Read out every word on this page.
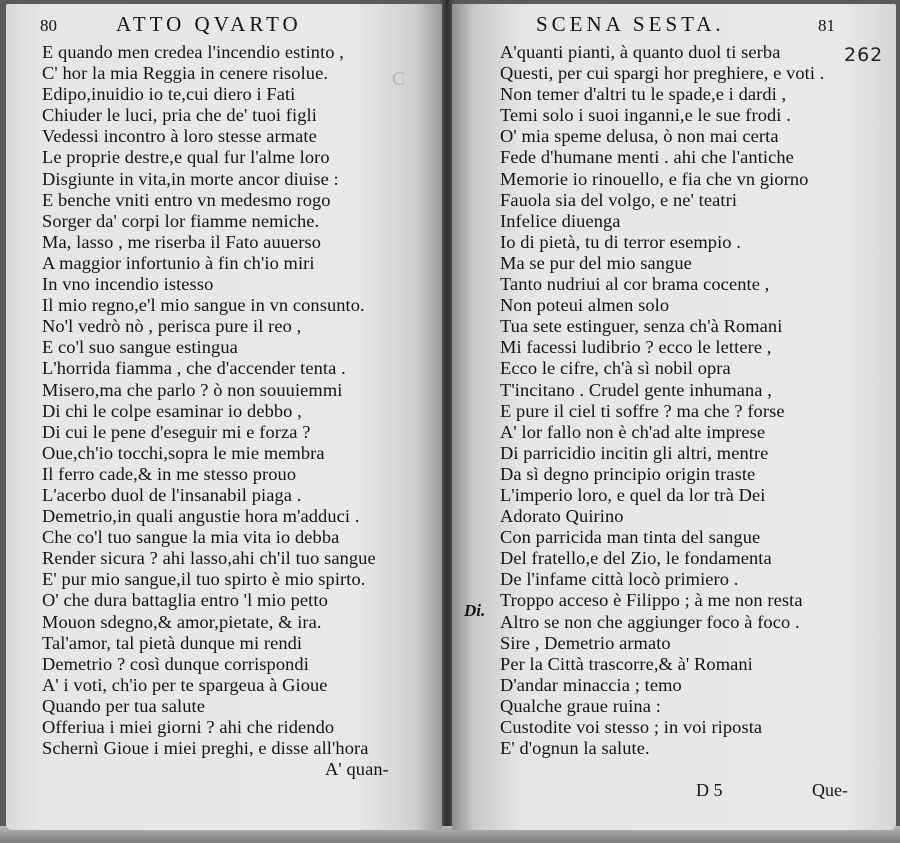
C
80	ATTO QVARTO
E quando men credea l'incendio estinto ,
C' hor la mia Reggia in cenere risolue.
Edipo,inuidio io te,cui diero i Fati
Chiuder le luci, pria che de' tuoi figli
Vedessi incontro à loro stesse armate
Le proprie destre,e qual fur l'alme loro
Disgiunte in vita,in morte ancor diuise :
E benche vniti entro vn medesmo rogo
Sorger da' corpi lor fiamme nemiche.
Ma, lasso , me riserba il Fato auuerso
A maggior infortunio à fin ch'io miri
In vno incendio istesso
Il mio regno,e'l mio sangue in vn consunto.
No'l vedrò nò , perisca pure il reo ,
E co'l suo sangue estingua
L'horrida fiamma , che d'accender tenta .
Misero,ma che parlo ? ò non souuiemmi
Di chi le colpe esaminar io debbo ,
Di cui le pene d'eseguir mi e forza ?
Oue,ch'io tocchi,sopra le mie membra
Il ferro cade,& in me stesso prouo
L'acerbo duol de l'insanabil piaga .
Demetrio,in quali angustie hora m'adduci .
Che co'l tuo sangue la mia vita io debba
Render sicura ? ahi lasso,ahi ch'il tuo sangue
E' pur mio sangue,il tuo spirto è mio spirto.
O' che dura battaglia entro 'l mio petto
Mouon sdegno,& amor,pietate, & ira.
Tal'amor, tal pietà dunque mi rendi
Demetrio ? così dunque corrispondi
A' i voti, ch'io per te spargeua à Gioue
Quando per tua salute
Offeriua i miei giorni ? ahi che ridendo
Schernì Gioue i miei preghi, e disse all'hora
A' quan-
SCENA SESTA.	81
262
A'quanti pianti, à quanto duol ti serba
Questi, per cui spargi hor preghiere, e voti .
Non temer d'altri tu le spade,e i dardi ,
Temi solo i suoi inganni,e le sue frodi .
O' mia speme delusa, ò non mai certa
Fede d'humane menti . ahi che l'antiche
Memorie io rinouello, e fia che vn giorno
Fauola sia del volgo, e ne' teatri
Infelice diuenga
Io di pietà, tu di terror esempio .
Ma se pur del mio sangue
Tanto nudriui al cor brama cocente ,
Non poteui almen solo
Tua sete estinguer, senza ch'à Romani
Mi facessi ludibrio ? ecco le lettere ,
Ecco le cifre, ch'à sì nobil opra
T'incitano . Crudel gente inhumana ,
E pure il ciel ti soffre ? ma che ? forse
A' lor fallo non è ch'ad alte imprese
Di parricidio incitin gli altri, mentre
Da sì degno principio origin traste
L'imperio loro, e quel da lor trà Dei
Adorato Quirino
Con parricida man tinta del sangue
Del fratello,e del Zio, le fondamenta
De l'infame città locò primiero .
Troppo acceso è Filippo ; à me non resta
Altro se non che aggiunger foco à foco .
Sire , Demetrio armato
Per la Città trascorre,& à' Romani
D'andar minaccia ; temo
Qualche graue ruina :
Custodite voi stesso ; in voi riposta
E' d'ognun la salute.
Di.
D 5	Que-
